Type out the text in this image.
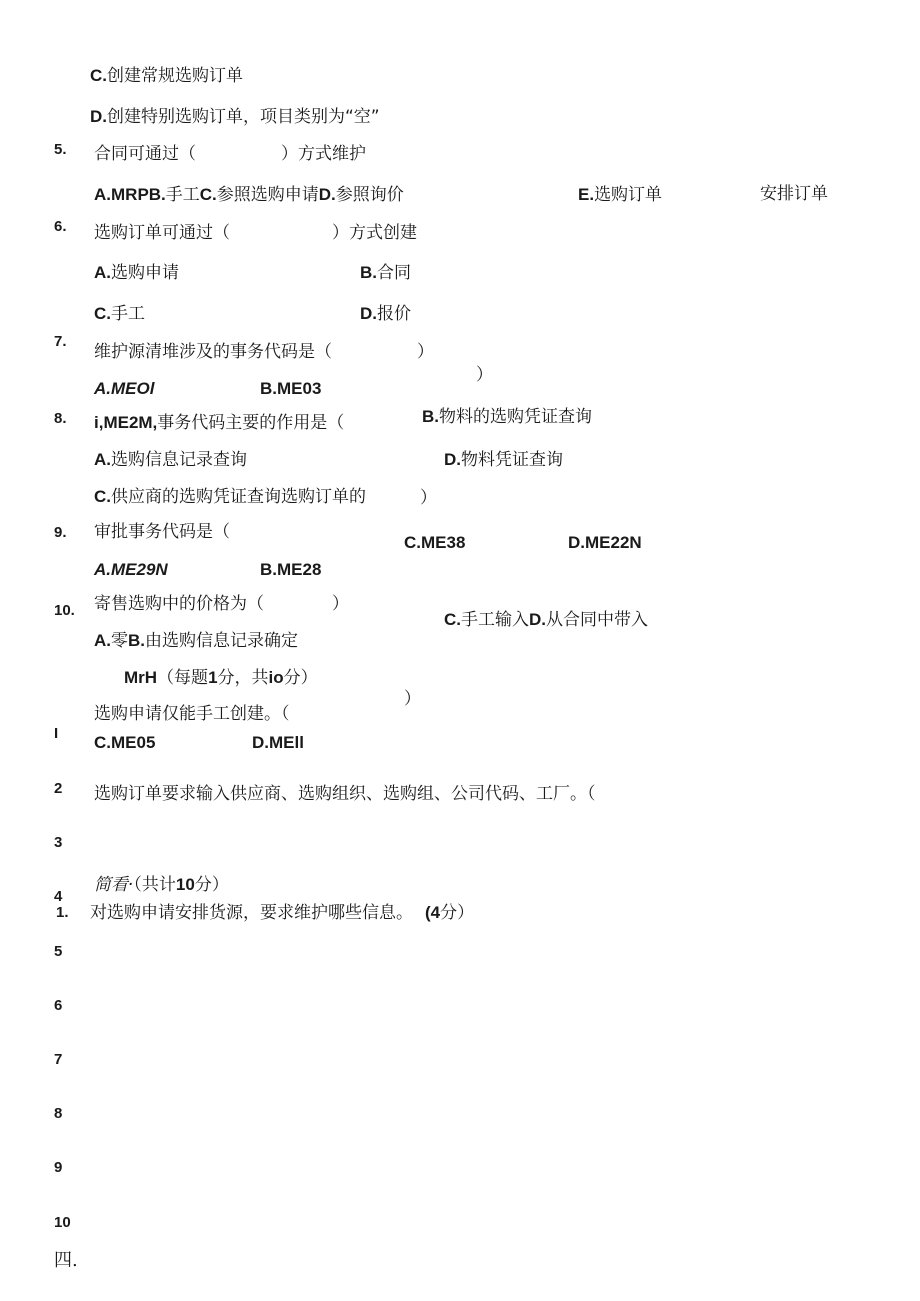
C.创建常规选购订单
D.创建特别选购订单，项目类别为“空”
5. 合同可通过（　　　　　）方式维护
A.MRPB.手工C.参照选购申请D.参照询价	E.选购订单	安排订单
6. 选购订单可通过（　　　　　　）方式创建
A.选购申请	B.合同
C.手工	D.报价
7.
维护源清堆涉及的事务代码是（　　　　　）
A.MEOl	B.ME03
）
8. i,ME2M,事务代码主要的作用是（	B.物料的选购凭证查询
A.选购信息记录查询	D.物料凭证查询
C.供应商的选购凭证查询选购订单的	）
9. 审批事务代码是（
C.ME38	D.ME22N
A.ME29N	B.ME28
10. 寄售选购中的价格为（　　　　）
C.手工输入D.从合同中带入
A.零B.由选购信息记录确定
MrH（每题1分，共io分）
）
选购申请仅能手工创建。（
I C.ME05	D.MEll
2 选购订单要求输入供应商、选购组织、选购组、公司代码、工厂。（
3
简看·（共计10分）
4
1. 对选购申请安排货源，要求维护哪些信息。 (4分）
5
6
7
8
9
10
四.
